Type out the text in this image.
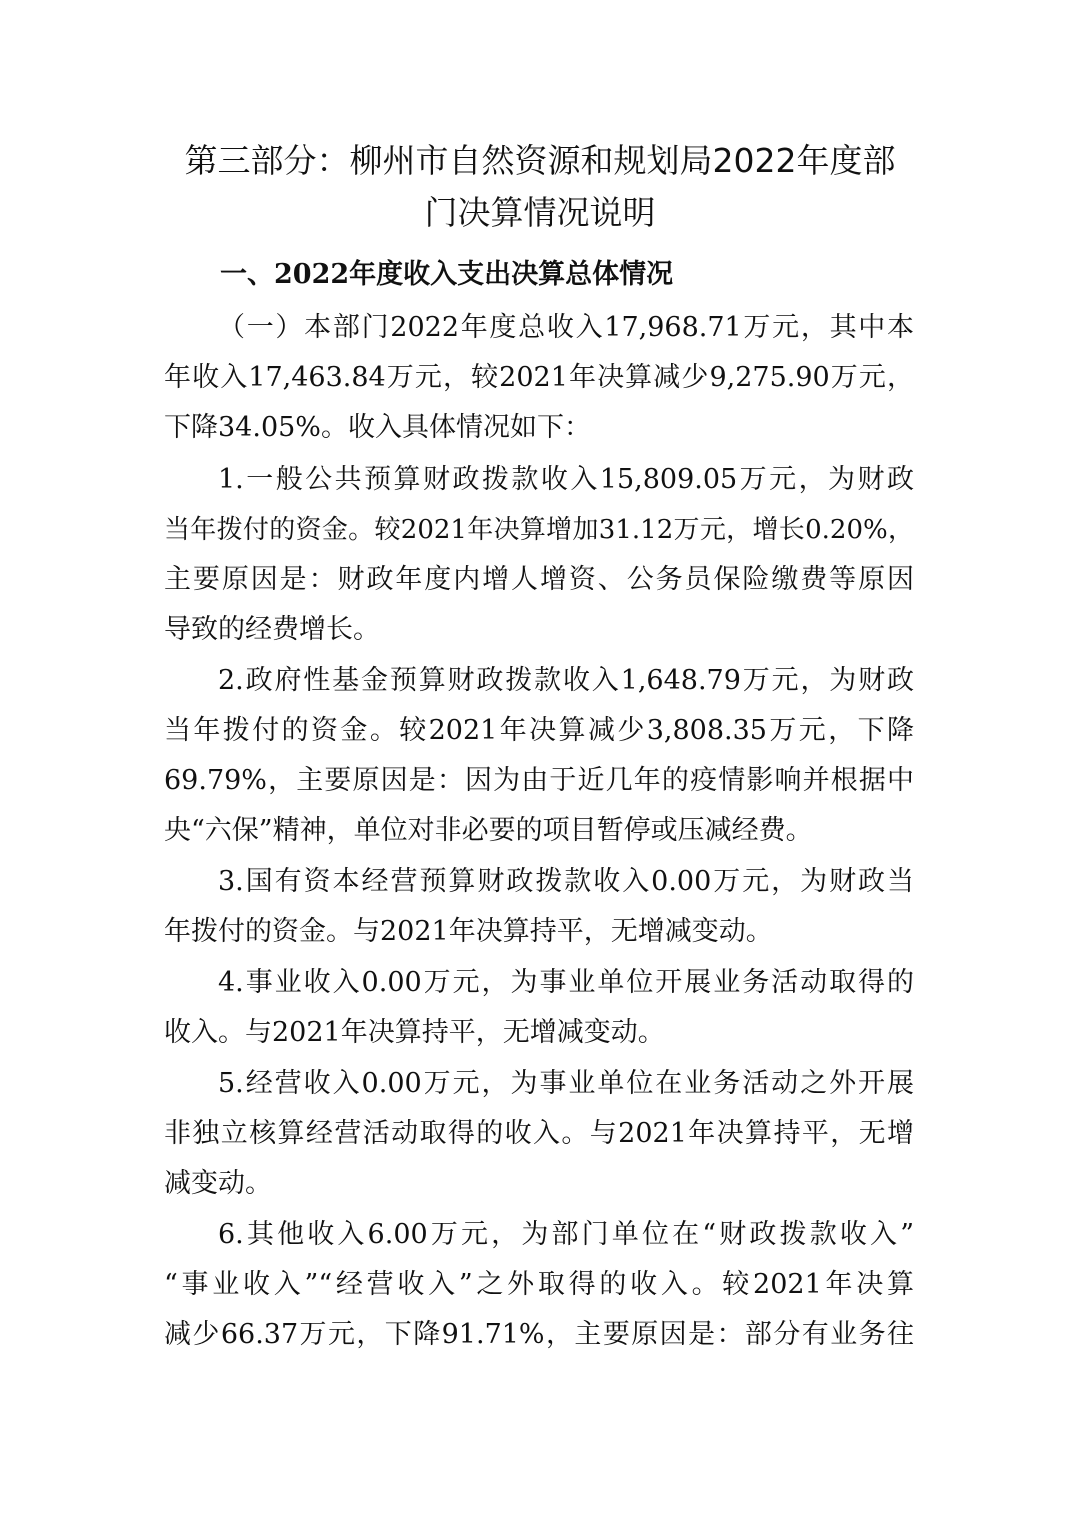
第三部分：柳州市自然资源和规划局2022年度部
门决算情况说明
一、2022年度收入支出决算总体情况
（一）本部门2022年度总收入17,968.71万元，其中本
年收入17,463.84万元，较2021年决算减少9,275.90万元，
下降34.05%。收入具体情况如下：
1.一般公共预算财政拨款收入15,809.05万元，为财政
当年拨付的资金。较2021年决算增加31.12万元，增长0.20%，
主要原因是：财政年度内增人增资、公务员保险缴费等原因
导致的经费增长。
2.政府性基金预算财政拨款收入1,648.79万元，为财政
当年拨付的资金。较2021年决算减少3,808.35万元，下降
69.79%，主要原因是：因为由于近几年的疫情影响并根据中
央“六保”精神，单位对非必要的项目暂停或压减经费。
3.国有资本经营预算财政拨款收入0.00万元，为财政当
年拨付的资金。与2021年决算持平，无增减变动。
4.事业收入0.00万元，为事业单位开展业务活动取得的
收入。与2021年决算持平，无增减变动。
5.经营收入0.00万元，为事业单位在业务活动之外开展
非独立核算经营活动取得的收入。与2021年决算持平，无增
减变动。
6.其他收入6.00万元，为部门单位在“财政拨款收入”
“事业收入”“经营收入”之外取得的收入。较2021年决算
减少66.37万元，下降91.71%，主要原因是：部分有业务往
